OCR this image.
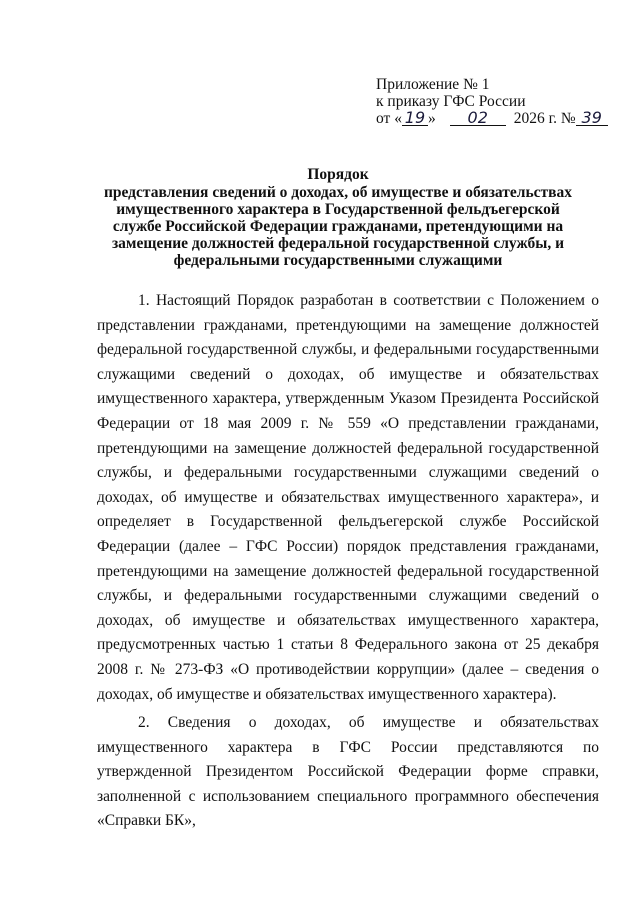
Приложение № 1
к приказу ГФС России
от « 19 » 02 2026 г. № 39
Порядок
представления сведений о доходах, об имуществе и обязательствах имущественного характера в Государственной фельдъегерской службе Российской Федерации гражданами, претендующими на замещение должностей федеральной государственной службы, и федеральными государственными служащими

1. Настоящий Порядок разработан в соответствии с Положением о представлении гражданами, претендующими на замещение должностей федеральной государственной службы, и федеральными государственными служащими сведений о доходах, об имуществе и обязательствах имущественного характера, утвержденным Указом Президента Российской Федерации от 18 мая 2009 г. № 559 «О представлении гражданами, претендующими на замещение должностей федеральной государственной службы, и федеральными государственными служащими сведений о доходах, об имуществе и обязательствах имущественного характера», и определяет в Государственной фельдъегерской службе Российской Федерации (далее – ГФС России) порядок представления гражданами, претендующими на замещение должностей федеральной государственной службы, и федеральными государственными служащими сведений о доходах, об имуществе и обязательствах имущественного характера, предусмотренных частью 1 статьи 8 Федерального закона от 25 декабря 2008 г. № 273-ФЗ «О противодействии коррупции» (далее – сведения о доходах, об имуществе и обязательствах имущественного характера).

2. Сведения о доходах, об имуществе и обязательствах имущественного характера в ГФС России представляются по утвержденной Президентом Российской Федерации форме справки, заполненной с использованием специального программного обеспечения «Справки БК»,
